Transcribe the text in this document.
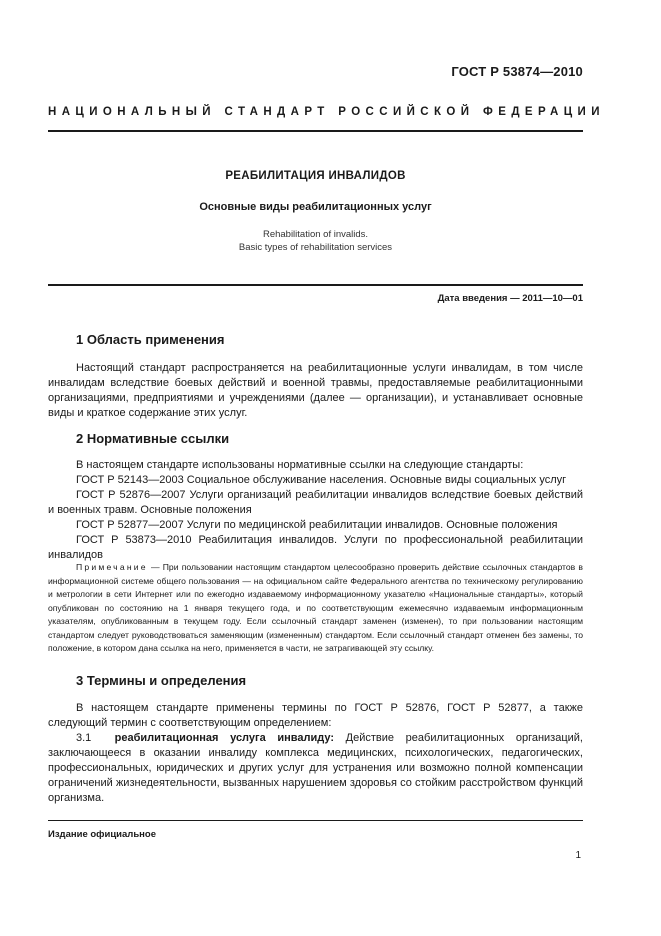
ГОСТ Р 53874—2010
НАЦИОНАЛЬНЫЙ СТАНДАРТ РОССИЙСКОЙ ФЕДЕРАЦИИ
РЕАБИЛИТАЦИЯ ИНВАЛИДОВ
Основные виды реабилитационных услуг
Rehabilitation of invalids.
Basic types of rehabilitation services
Дата введения — 2011—10—01
1 Область применения

Настоящий стандарт распространяется на реабилитационные услуги инвалидам, в том числе инвалидам вследствие боевых действий и военной травмы, предоставляемые реабилитационными организациями, предприятиями и учреждениями (далее — организации), и устанавливает основные виды и краткое содержание этих услуг.

2 Нормативные ссылки

В настоящем стандарте использованы нормативные ссылки на следующие стандарты:

ГОСТ Р 52143—2003 Социальное обслуживание населения. Основные виды социальных услуг

ГОСТ Р 52876—2007 Услуги организаций реабилитации инвалидов вследствие боевых действий и военных травм. Основные положения

ГОСТ Р 52877—2007 Услуги по медицинской реабилитации инвалидов. Основные положения

ГОСТ Р 53873—2010 Реабилитация инвалидов. Услуги по профессиональной реабилитации инвалидов

Примечание — При пользовании настоящим стандартом целесообразно проверить действие ссылочных стандартов в информационной системе общего пользования — на официальном сайте Федерального агентства по техническому регулированию и метрологии в сети Интернет или по ежегодно издаваемому информационному указателю «Национальные стандарты», который опубликован по состоянию на 1 января текущего года, и по соответствующим ежемесячно издаваемым информационным указателям, опубликованным в текущем году. Если ссылочный стандарт заменен (изменен), то при пользовании настоящим стандартом следует руководствоваться заменяющим (измененным) стандартом. Если ссылочный стандарт отменен без замены, то положение, в котором дана ссылка на него, применяется в части, не затрагивающей эту ссылку.

3 Термины и определения

В настоящем стандарте применены термины по ГОСТ Р 52876, ГОСТ Р 52877, а также следующий термин с соответствующим определением:

3.1 реабилитационная услуга инвалиду: Действие реабилитационных организаций, заключающееся в оказании инвалиду комплекса медицинских, психологических, педагогических, профессиональных, юридических и других услуг для устранения или возможно полной компенсации ограничений жизнедеятельности, вызванных нарушением здоровья со стойким расстройством функций организма.

Издание официальное
1
